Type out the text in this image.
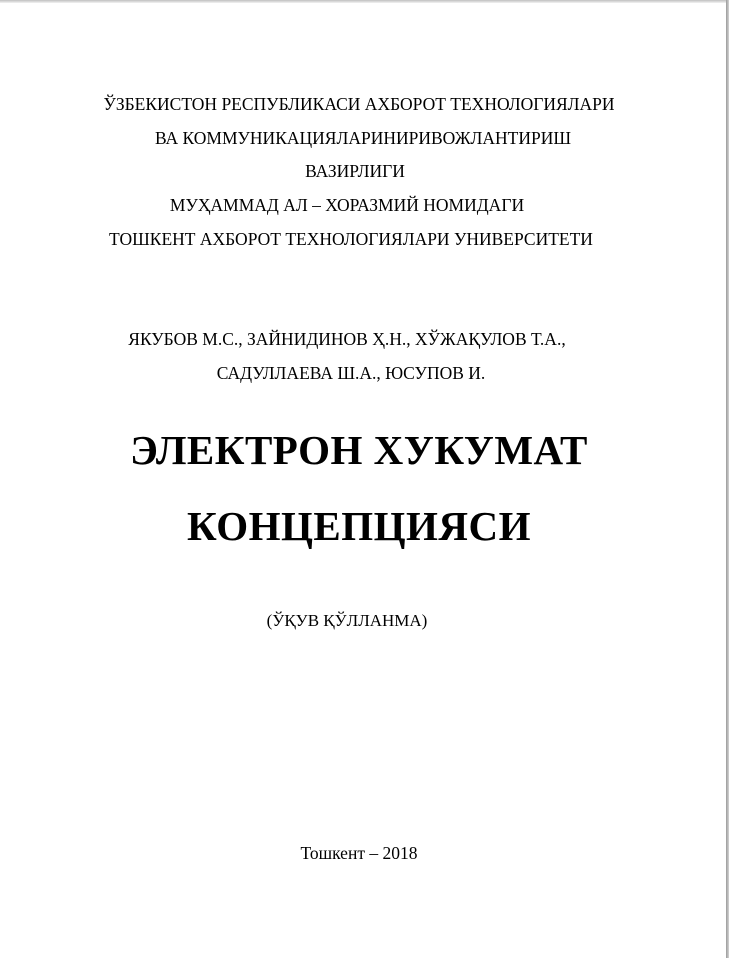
ЎЗБЕКИСТОН РЕСПУБЛИКАСИ АХБОРОТ ТЕХНОЛОГИЯЛАРИ
ВА КОММУНИКАЦИЯЛАРИНИРИВОЖЛАНТИРИШ
ВАЗИРЛИГИ
МУҲАММАД АЛ – ХОРАЗМИЙ НОМИДАГИ
ТОШКЕНТ АХБОРОТ ТЕХНОЛОГИЯЛАРИ УНИВЕРСИТЕТИ
ЯКУБОВ М.С., ЗАЙНИДИНОВ Ҳ.Н., ХЎЖАҚУЛОВ Т.А.,
САДУЛЛАЕВА Ш.А., ЮСУПОВ И.
ЭЛЕКТРОН ХУКУМАТ
КОНЦЕПЦИЯСИ
(ЎҚУВ ҚЎЛЛАНМА)
Тошкент – 2018
